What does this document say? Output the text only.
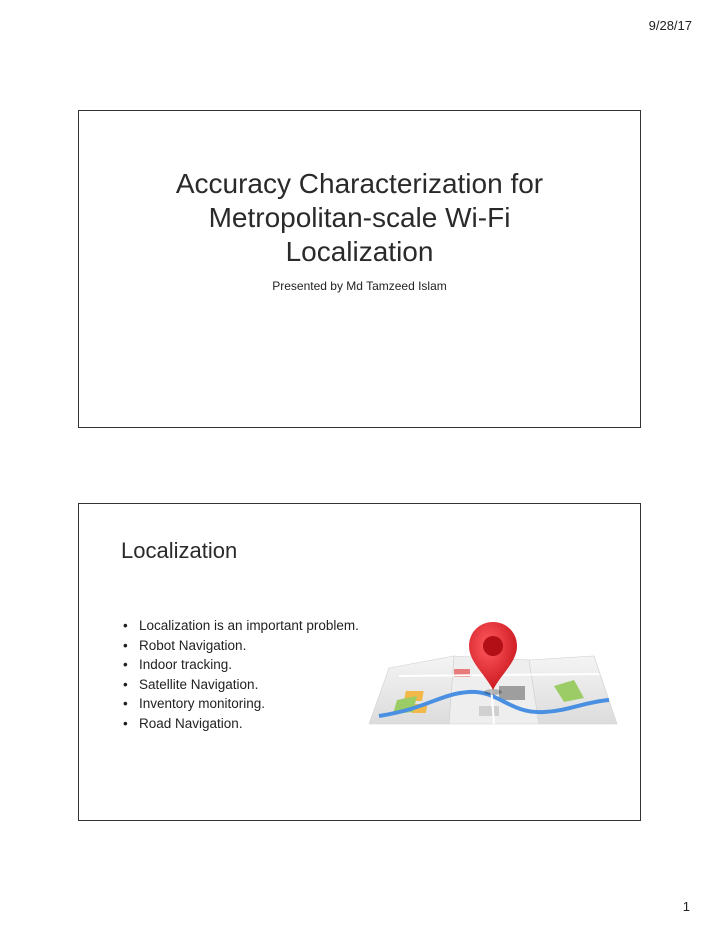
9/28/17
Accuracy Characterization for
Metropolitan-scale Wi-Fi
Localization
Presented by Md Tamzeed Islam
Localization
• Localization is an important problem.
• Robot Navigation.
• Indoor tracking.
• Satellite Navigation.
• Inventory monitoring.
• Road Navigation.
1
